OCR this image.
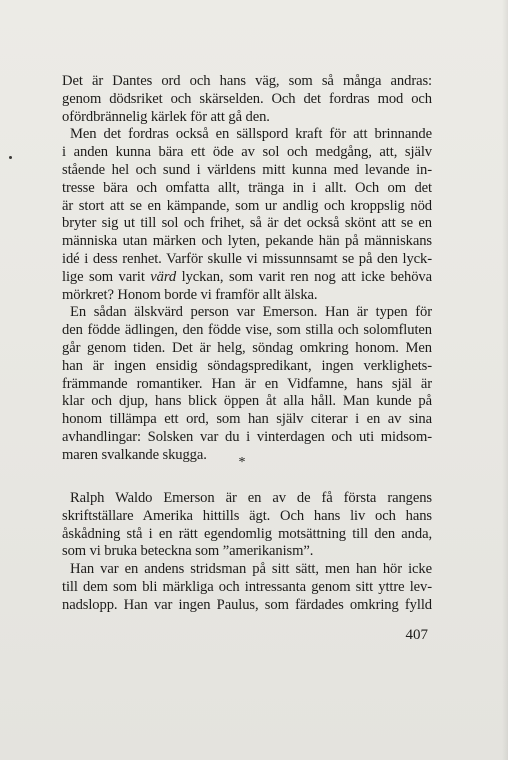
Det är Dantes ord och hans väg, som så många andras:
genom dödsriket och skärselden. Och det fordras mod och
ofördbrännelig kärlek för att gå den.
Men det fordras också en sällspord kraft för att brinnande
i anden kunna bära ett öde av sol och medgång, att, själv
stående hel och sund i världens mitt kunna med levande in-
tresse bära och omfatta allt, tränga in i allt. Och om det
är stort att se en kämpande, som ur andlig och kroppslig nöd
bryter sig ut till sol och frihet, så är det också skönt att se en
människa utan märken och lyten, pekande hän på människans
idé i dess renhet. Varför skulle vi missunnsamt se på den lyck-
lige som varit värd lyckan, som varit ren nog att icke behöva
mörkret? Honom borde vi framför allt älska.
En sådan älskvärd person var Emerson. Han är typen för
den födde ädlingen, den födde vise, som stilla och solomfluten
går genom tiden. Det är helg, söndag omkring honom. Men
han är ingen ensidig söndagspredikant, ingen verklighets-
främmande romantiker. Han är en Vidfamne, hans själ är
klar och djup, hans blick öppen åt alla håll. Man kunde på
honom tillämpa ett ord, som han själv citerar i en av sina
avhandlingar: Solsken var du i vinterdagen och uti midsom-
maren svalkande skugga.	*
Ralph Waldo Emerson är en av de få första rangens
skriftställare Amerika hittills ägt. Och hans liv och hans
åskådning stå i en rätt egendomlig motsättning till den anda,
som vi bruka beteckna som ”amerikanism”.
Han var en andens stridsman på sitt sätt, men han hör icke
till dem som bli märkliga och intressanta genom sitt yttre lev-
nadslopp. Han var ingen Paulus, som färdades omkring fylld
407
